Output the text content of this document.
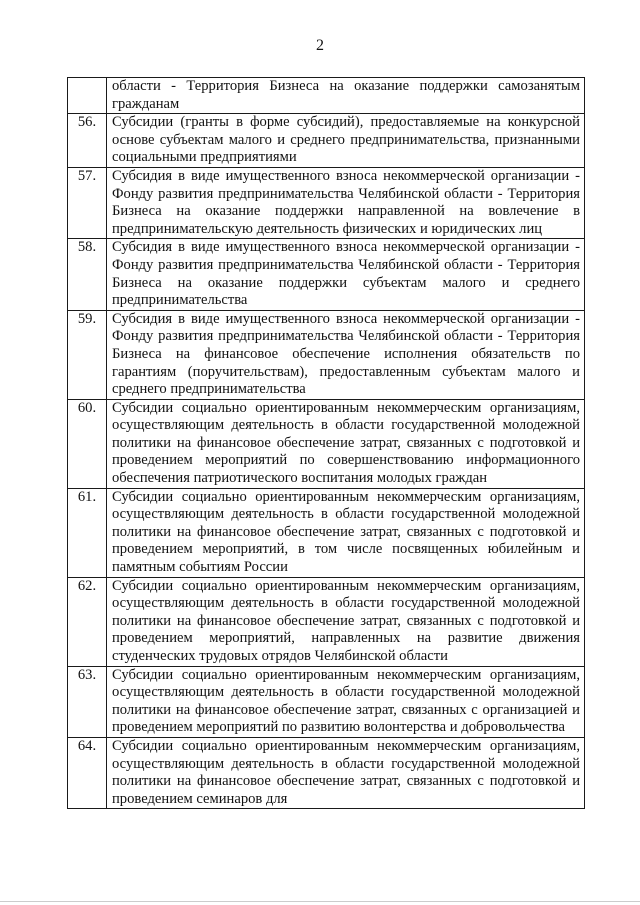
2
	области - Территория Бизнеса на оказание поддержки самозанятым гражданам
56.	Субсидии (гранты в форме субсидий), предоставляемые на конкурсной основе субъектам малого и среднего предпринимательства, признанными социальными предприятиями
57.	Субсидия в виде имущественного взноса некоммерческой организации - Фонду развития предпринимательства Челябинской области - Территория Бизнеса на оказание поддержки направленной на вовлечение в предпринимательскую деятельность физических и юридических лиц
58.	Субсидия в виде имущественного взноса некоммерческой организации - Фонду развития предпринимательства Челябинской области - Территория Бизнеса на оказание поддержки субъектам малого и среднего предпринимательства
59.	Субсидия в виде имущественного взноса некоммерческой организации - Фонду развития предпринимательства Челябинской области - Территория Бизнеса на финансовое обеспечение исполнения обязательств по гарантиям (поручительствам), предоставленным субъектам малого и среднего предпринимательства
60.	Субсидии социально ориентированным некоммерческим организациям, осуществляющим деятельность в области государственной молодежной политики на финансовое обеспечение затрат, связанных с подготовкой и проведением мероприятий по совершенствованию информационного обеспечения патриотического воспитания молодых граждан
61.	Субсидии социально ориентированным некоммерческим организациям, осуществляющим деятельность в области государственной молодежной политики на финансовое обеспечение затрат, связанных с подготовкой и проведением мероприятий, в том числе посвященных юбилейным и памятным событиям России
62.	Субсидии социально ориентированным некоммерческим организациям, осуществляющим деятельность в области государственной молодежной политики на финансовое обеспечение затрат, связанных с подготовкой и проведением мероприятий, направленных на развитие движения студенческих трудовых отрядов Челябинской области
63.	Субсидии социально ориентированным некоммерческим организациям, осуществляющим деятельность в области государственной молодежной политики на финансовое обеспечение затрат, связанных с организацией и проведением мероприятий по развитию волонтерства и добровольчества
64.	Субсидии социально ориентированным некоммерческим организациям, осуществляющим деятельность в области государственной молодежной политики на финансовое обеспечение затрат, связанных с подготовкой и проведением семинаров для
